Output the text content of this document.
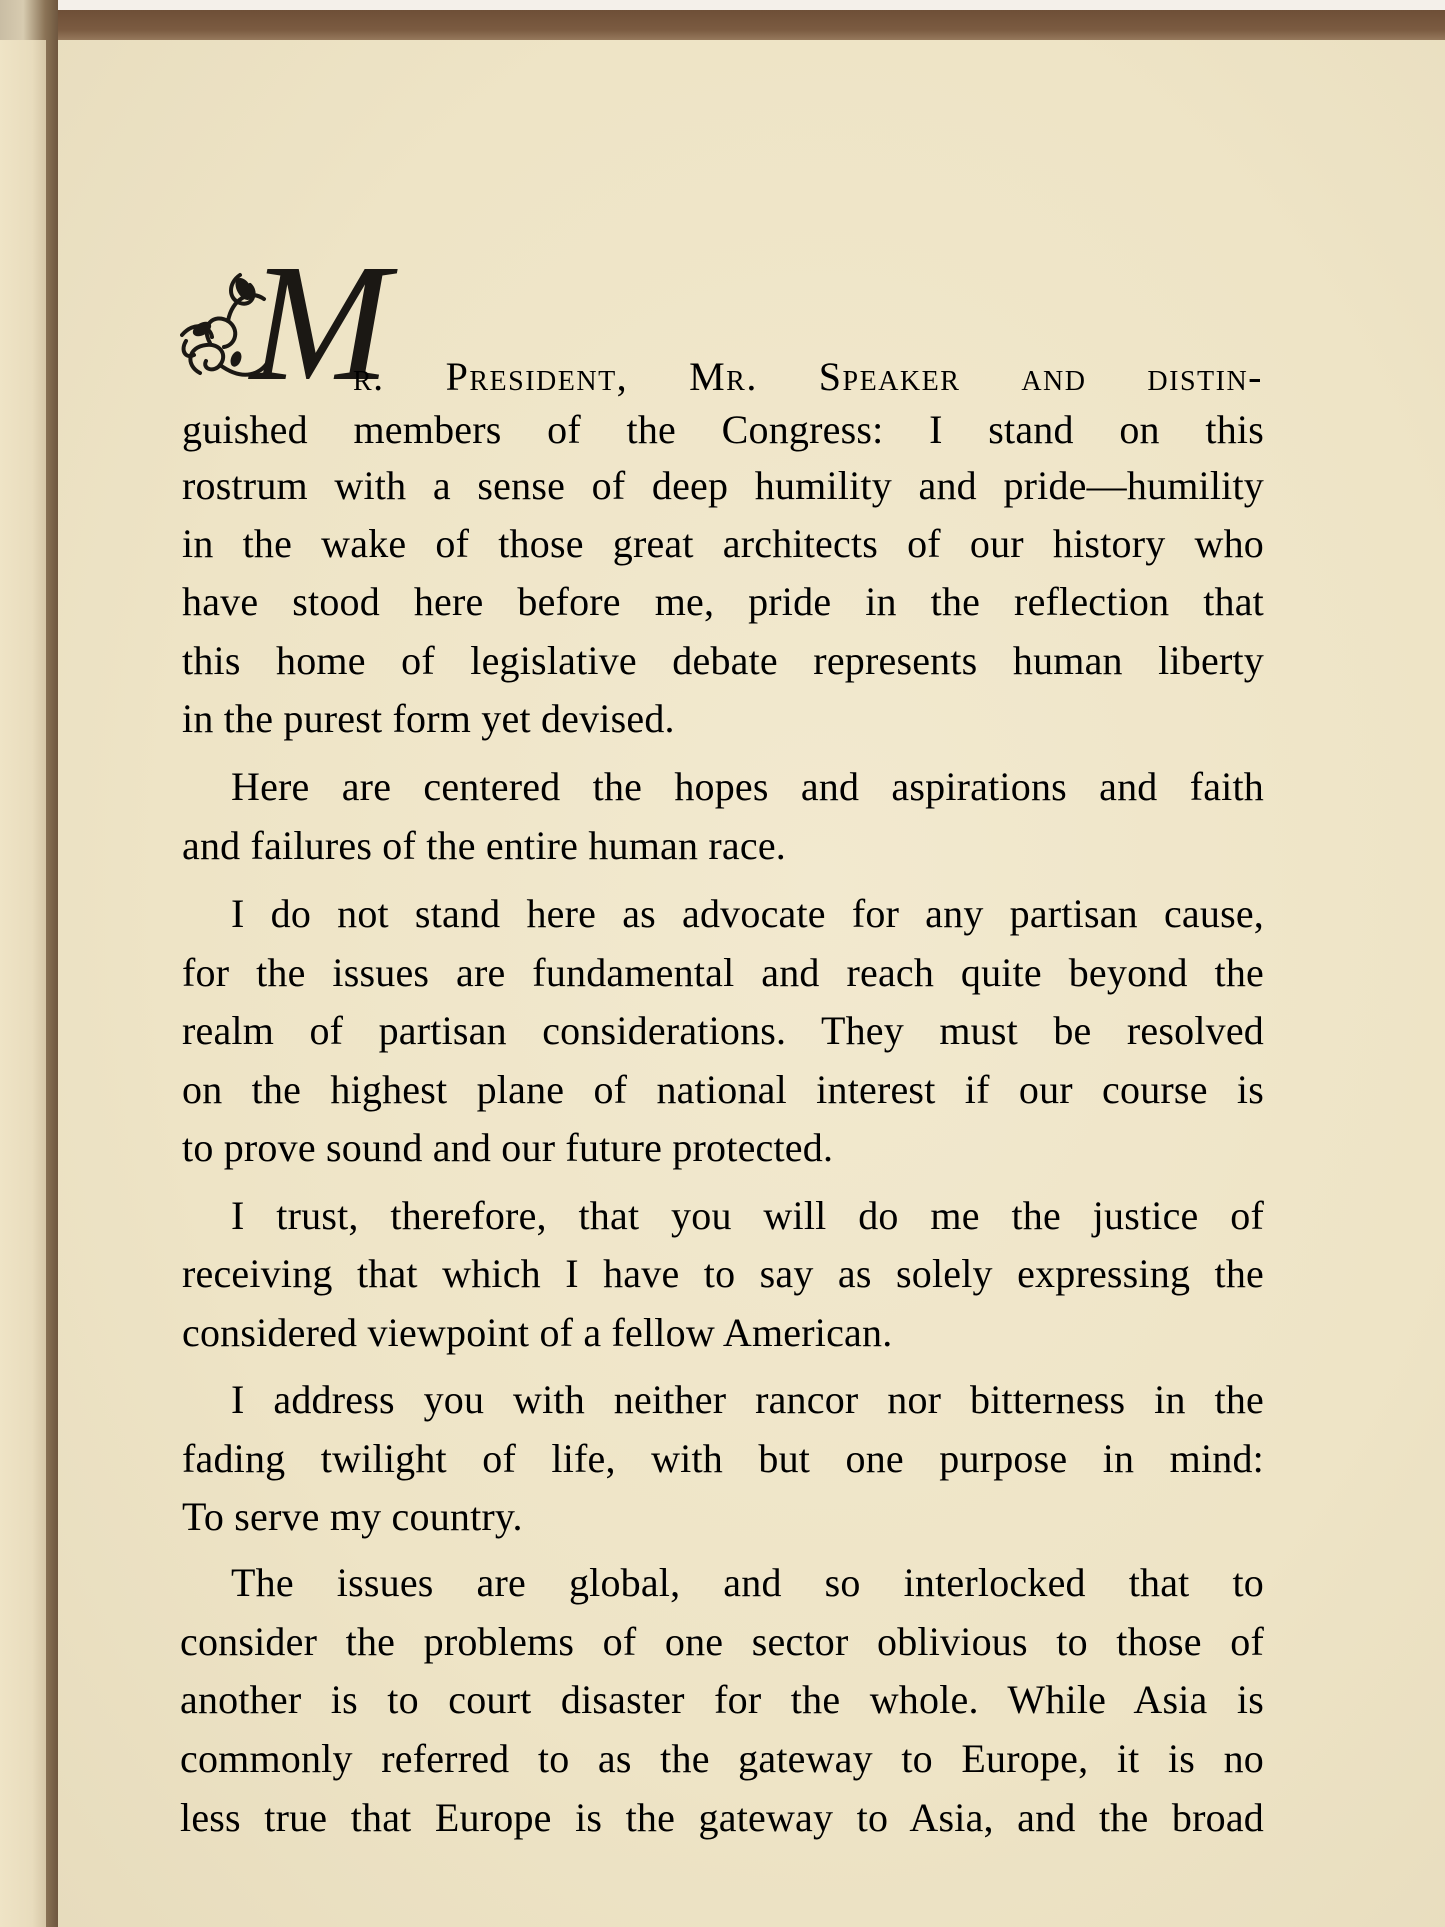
M
r. President, Mr. Speaker and distin-
guished members of the Congress: I stand on this
rostrum with a sense of deep humility and pride—humility
in the wake of those great architects of our history who
have stood here before me, pride in the reflection that
this home of legislative debate represents human liberty
in the purest form yet devised.
Here are centered the hopes and aspirations and faith
and failures of the entire human race.
I do not stand here as advocate for any partisan cause,
for the issues are fundamental and reach quite beyond the
realm of partisan considerations. They must be resolved
on the highest plane of national interest if our course is
to prove sound and our future protected.
I trust, therefore, that you will do me the justice of
receiving that which I have to say as solely expressing the
considered viewpoint of a fellow American.
I address you with neither rancor nor bitterness in the
fading twilight of life, with but one purpose in mind:
To serve my country.
The issues are global, and so interlocked that to
consider the problems of one sector oblivious to those of
another is to court disaster for the whole. While Asia is
commonly referred to as the gateway to Europe, it is no
less true that Europe is the gateway to Asia, and the broad
